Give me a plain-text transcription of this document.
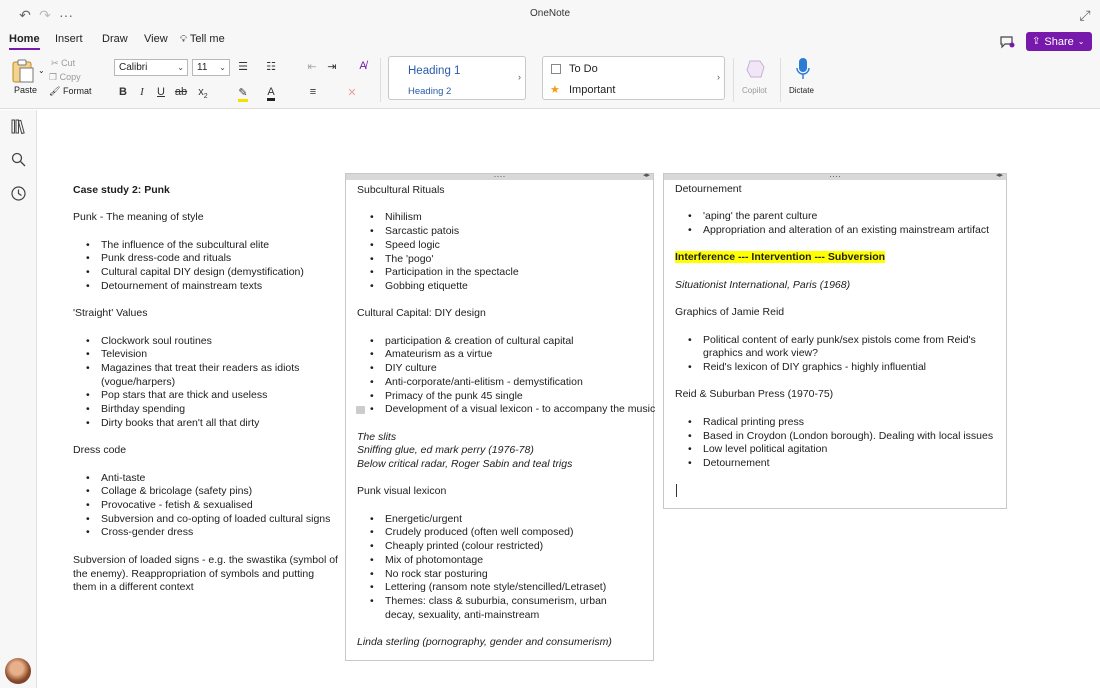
↶ ↷ ···	OneNote	⤢
Home Insert Draw View 💡︎ Tell me	⇪ Share ⌄
⌄
Paste
✂︎ Cut
❐ Copy
🖌︎ Format
Calibri	⌄	11 ⌄
B	I	U ab $x_2$	✎	A
☰ ☷	⇤ ⇥
≡	✕
A̸	Heading 1
Heading 2
›
To Do
★ Important
›
Copilot	Dictate

Case study 2: Punk

Punk - The meaning of style

• The influence of the subcultural elite
• Punk dress-code and rituals
• Cultural capital DIY design (demystification)
• Detournement of mainstream texts

'Straight' Values

• Clockwork soul routines
• Television
• Magazines that treat their readers as idiots (vogue/harpers)
• Pop stars that are thick and useless
• Birthday spending
• Dirty books that aren't all that dirty

Dress code

• Anti-taste
• Collage & bricolage (safety pins)
• Provocative - fetish & sexualised
• Subversion and co-opting of loaded cultural signs
• Cross-gender dress

Subversion of loaded signs - e.g. the swastika (symbol of the enemy). Reappropriation of symbols and putting them in a different context

····	◂▸

Subcultural Rituals

• Nihilism
• Sarcastic patois
• Speed logic
• The 'pogo'
• Participation in the spectacle
• Gobbing etiquette

Cultural Capital: DIY design

• participation & creation of cultural capital
• Amateurism as a virtue
• DIY culture
• Anti-corporate/anti-elitism - demystification
• Primacy of the punk 45 single
• Development of a visual lexicon - to accompany the music

The slits

Sniffing glue, ed mark perry (1976-78)

Below critical radar, Roger Sabin and teal trigs

Punk visual lexicon

• Energetic/urgent
• Crudely produced (often well composed)
• Cheaply printed (colour restricted)
• Mix of photomontage
• No rock star posturing
• Lettering (ransom note style/stencilled/Letraset)
• Themes: class & suburbia, consumerism, urban decay, sexuality, anti-mainstream

Linda sterling (pornography, gender and consumerism)

····	◂▸

Detournement

• 'aping' the parent culture
• Appropriation and alteration of an existing mainstream artifact

Interference --- Intervention --- Subversion

Situationist International, Paris (1968)

Graphics of Jamie Reid

• Political content of early punk/sex pistols come from Reid's graphics and work view?
• Reid's lexicon of DIY graphics - highly influential

Reid & Suburban Press (1970-75)

• Radical printing press
• Based in Croydon (London borough). Dealing with local issues
• Low level political agitation
• Detournement
